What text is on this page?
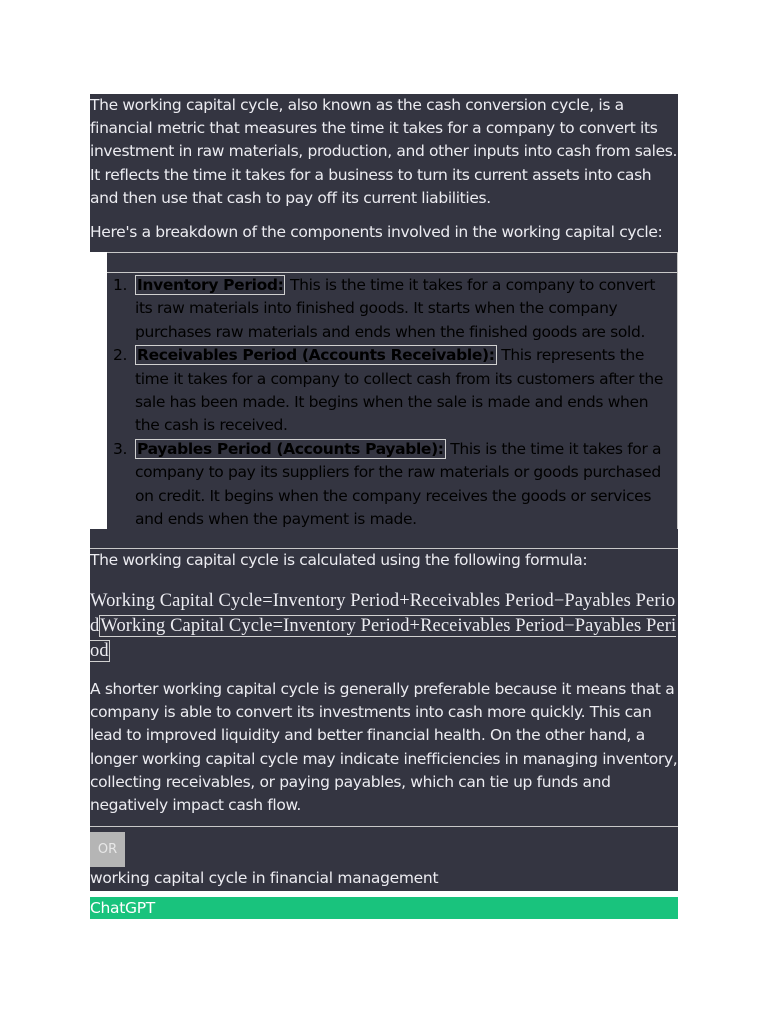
The working capital cycle, also known as the cash conversion cycle, is a financial metric that measures the time it takes for a company to convert its investment in raw materials, production, and other inputs into cash from sales. It reflects the time it takes for a business to turn its current assets into cash and then use that cash to pay off its current liabilities.

Here's a breakdown of the components involved in the working capital cycle:

1. Inventory Period: This is the time it takes for a company to convert its raw materials into finished goods. It starts when the company purchases raw materials and ends when the finished goods are sold.
2. Receivables Period (Accounts Receivable): This represents the time it takes for a company to collect cash from its customers after the sale has been made. It begins when the sale is made and ends when the cash is received.
3. Payables Period (Accounts Payable): This is the time it takes for a company to pay its suppliers for the raw materials or goods purchased on credit. It begins when the company receives the goods or services and ends when the payment is made.

The working capital cycle is calculated using the following formula:

Working Capital Cycle=Inventory Period+Receivables Period−Payables PeriodWorking Capital Cycle=Inventory Period+Receivables Period−Payables Period

A shorter working capital cycle is generally preferable because it means that a company is able to convert its investments into cash more quickly. This can lead to improved liquidity and better financial health. On the other hand, a longer working capital cycle may indicate inefficiencies in managing inventory, collecting receivables, or paying payables, which can tie up funds and negatively impact cash flow.

OR
working capital cycle in financial management
ChatGPT
